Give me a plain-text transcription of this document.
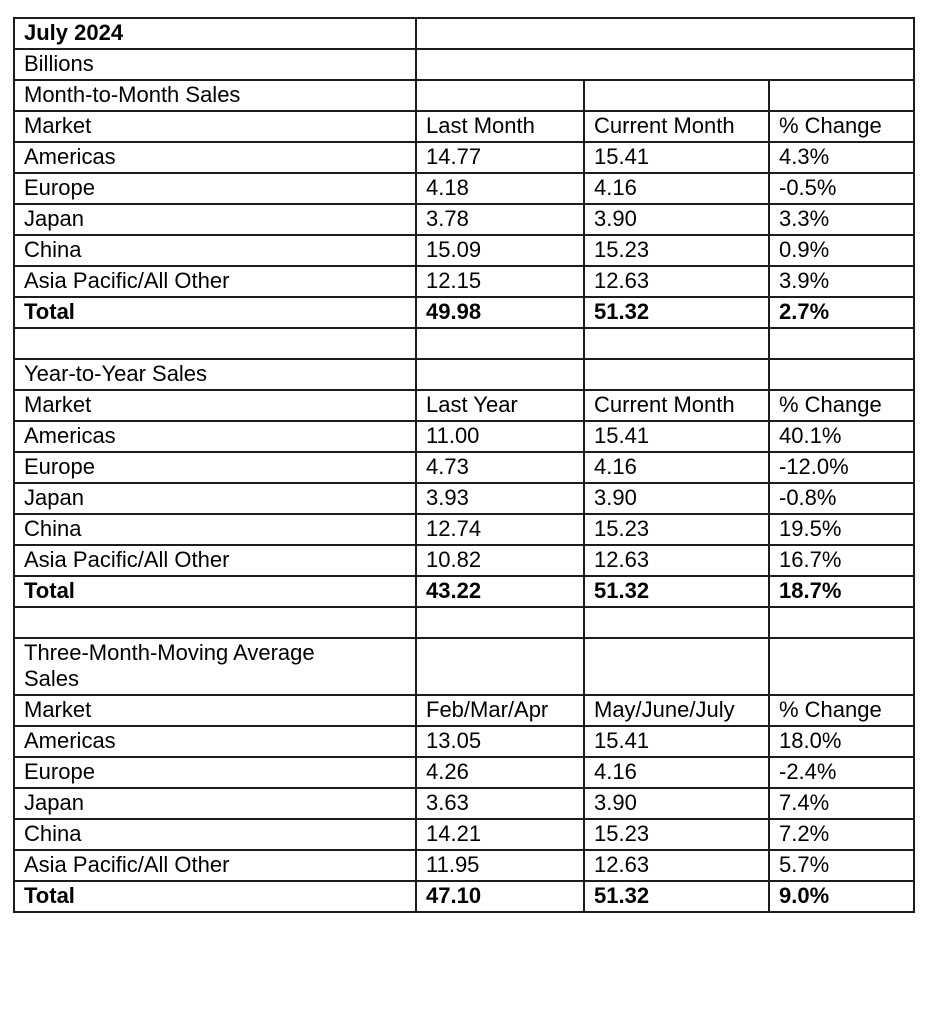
July 2024			
Billions			
Month-to-Month Sales			
Market	Last Month	Current Month	% Change
Americas	14.77	15.41	4.3%
Europe	4.18	4.16	-0.5%
Japan	3.78	3.90	3.3%
China	15.09	15.23	0.9%
Asia Pacific/All Other	12.15	12.63	3.9%
Total	49.98	51.32	2.7%

Year-to-Year Sales			
Market	Last Year	Current Month	% Change
Americas	11.00	15.41	40.1%
Europe	4.73	4.16	-12.0%
Japan	3.93	3.90	-0.8%
China	12.74	15.23	19.5%
Asia Pacific/All Other	10.82	12.63	16.7%
Total	43.22	51.32	18.7%

Three-Month-Moving Average Sales			
Market	Feb/Mar/Apr	May/June/July	% Change
Americas	13.05	15.41	18.0%
Europe	4.26	4.16	-2.4%
Japan	3.63	3.90	7.4%
China	14.21	15.23	7.2%
Asia Pacific/All Other	11.95	12.63	5.7%
Total	47.10	51.32	9.0%
